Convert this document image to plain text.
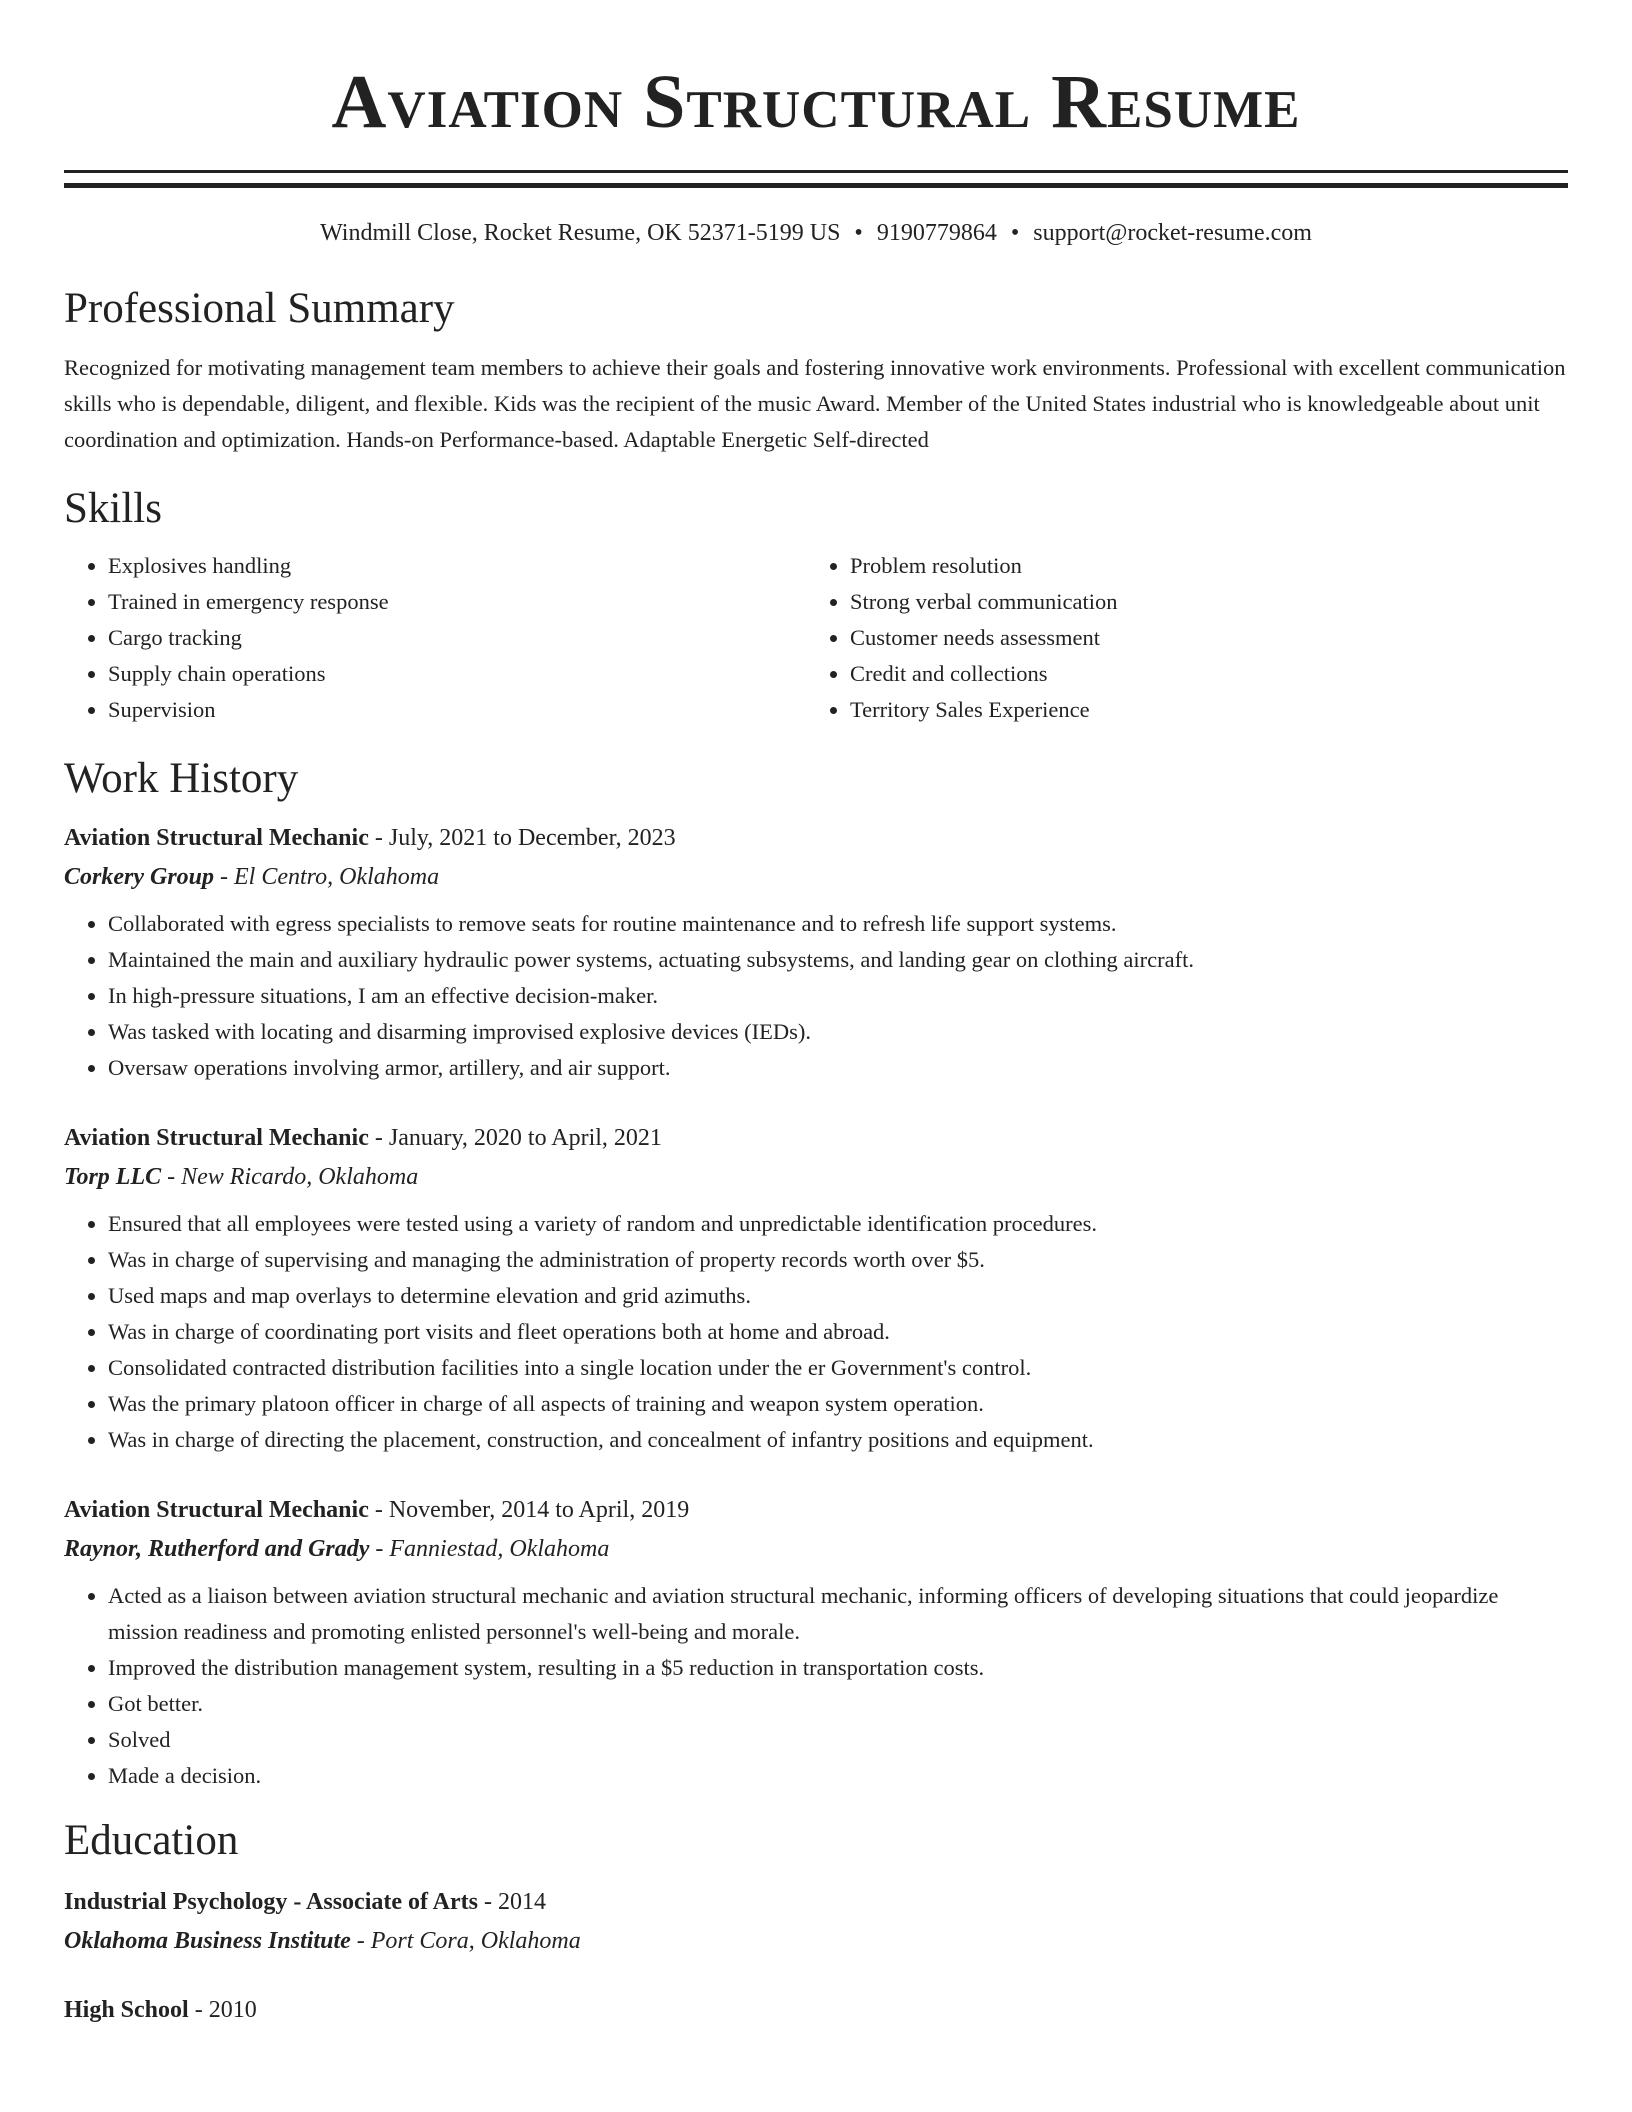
Aviation Structural Resume
Windmill Close, Rocket Resume, OK 52371-5199 US • 9190779864 • support@rocket-resume.com
Professional Summary
Recognized for motivating management team members to achieve their goals and fostering innovative work environments. Professional with excellent communication skills who is dependable, diligent, and flexible. Kids was the recipient of the music Award. Member of the United States industrial who is knowledgeable about unit coordination and optimization. Hands-on Performance-based. Adaptable Energetic Self-directed
Skills
• Explosives handling
• Trained in emergency response
• Cargo tracking
• Supply chain operations
• Supervision
• Problem resolution
• Strong verbal communication
• Customer needs assessment
• Credit and collections
• Territory Sales Experience
Work History
Aviation Structural Mechanic - July, 2021 to December, 2023
Corkery Group - El Centro, Oklahoma
• Collaborated with egress specialists to remove seats for routine maintenance and to refresh life support systems.
• Maintained the main and auxiliary hydraulic power systems, actuating subsystems, and landing gear on clothing aircraft.
• In high-pressure situations, I am an effective decision-maker.
• Was tasked with locating and disarming improvised explosive devices (IEDs).
• Oversaw operations involving armor, artillery, and air support.
Aviation Structural Mechanic - January, 2020 to April, 2021
Torp LLC - New Ricardo, Oklahoma
• Ensured that all employees were tested using a variety of random and unpredictable identification procedures.
• Was in charge of supervising and managing the administration of property records worth over $5.
• Used maps and map overlays to determine elevation and grid azimuths.
• Was in charge of coordinating port visits and fleet operations both at home and abroad.
• Consolidated contracted distribution facilities into a single location under the er Government's control.
• Was the primary platoon officer in charge of all aspects of training and weapon system operation.
• Was in charge of directing the placement, construction, and concealment of infantry positions and equipment.
Aviation Structural Mechanic - November, 2014 to April, 2019
Raynor, Rutherford and Grady - Fanniestad, Oklahoma
• Acted as a liaison between aviation structural mechanic and aviation structural mechanic, informing officers of developing situations that could jeopardize mission readiness and promoting enlisted personnel's well-being and morale.
• Improved the distribution management system, resulting in a $5 reduction in transportation costs.
• Got better.
• Solved
• Made a decision.
Education
Industrial Psychology - Associate of Arts - 2014
Oklahoma Business Institute - Port Cora, Oklahoma
High School - 2010
